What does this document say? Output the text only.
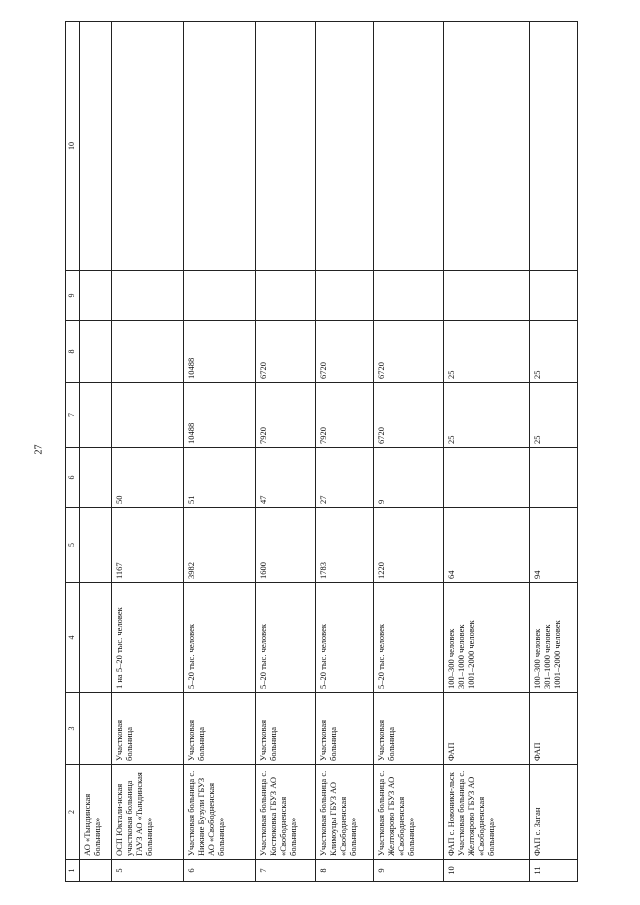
27
1	2	3	4	5	6	7	8	9	10
	АО «Тындинская больница»								
5	ОСП Юктали-нская участковая больница ГАУЗ АО «Тындинская больница»	Участковая больница	1 на 5–20 тыс. человек	1167	50				
6	Участковая больница с. Нижние Бузули ГБУЗ АО «Свободненская больница»	Участковая больница	5–20 тыс. человек	3982	51	10488	10488		
7	Участковая больница с. Костюковка ГБУЗ АО «Свободненская больница»	Участковая больница	5–20 тыс. человек	1600	47	7920	6720		
8	Участковая больница с. Климоуцы ГБУЗ АО «Свободненская больница»	Участковая больница	5–20 тыс. человек	1783	27	7920	6720		
9	Участковая больница с. Желтоярово ГБУЗ АО «Свободненская больница»	Участковая больница	5–20 тыс. человек	1220	9	6720	6720		
10	ФАП с. Новоники-льск Участковая больница с. Желтоярово ГБУЗ АО «Свободненская больница»	ФАП	100–300 человек
301–1000 человек
1001–2000 человек	64		25	25		
11	ФАП с. Заган	ФАП	100–300 человек
301–1000 человек
1001–2000 человек	94		25	25		
